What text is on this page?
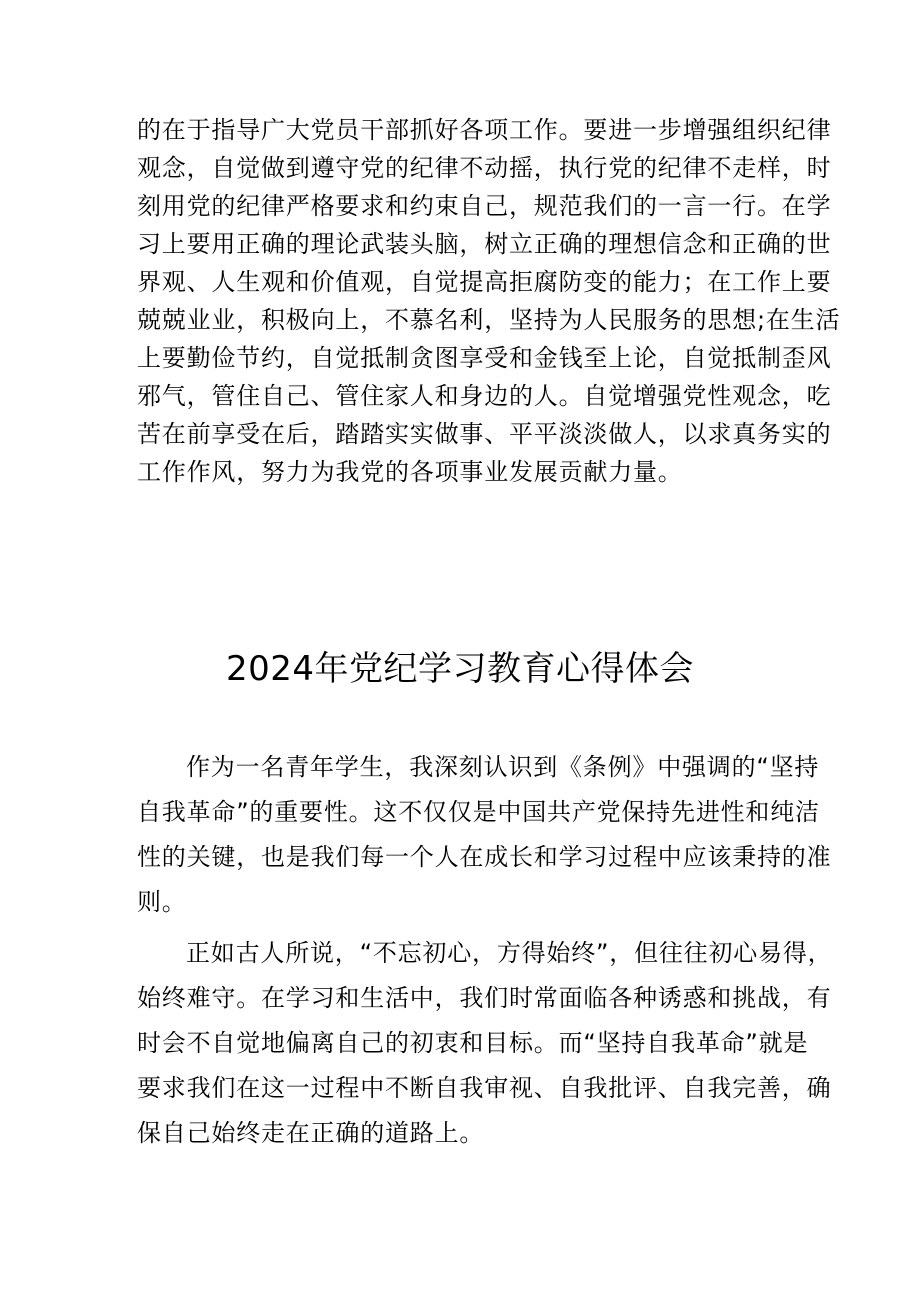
的在于指导广大党员干部抓好各项工作。要进一步增强组织纪律
观念，自觉做到遵守党的纪律不动摇，执行党的纪律不走样，时
刻用党的纪律严格要求和约束自己，规范我们的一言一行。在学
习上要用正确的理论武装头脑，树立正确的理想信念和正确的世
界观、人生观和价值观，自觉提高拒腐防变的能力；在工作上要
兢兢业业，积极向上，不慕名利，坚持为人民服务的思想;在生活
上要勤俭节约，自觉抵制贪图享受和金钱至上论，自觉抵制歪风
邪气，管住自己、管住家人和身边的人。自觉增强党性观念，吃
苦在前享受在后，踏踏实实做事、平平淡淡做人，以求真务实的
工作作风，努力为我党的各项事业发展贡献力量。
2024年党纪学习教育心得体会
作为一名青年学生，我深刻认识到《条例》中强调的“坚持
自我革命”的重要性。这不仅仅是中国共产党保持先进性和纯洁
性的关键，也是我们每一个人在成长和学习过程中应该秉持的准
则。
正如古人所说，“不忘初心，方得始终”，但往往初心易得，
始终难守。在学习和生活中，我们时常面临各种诱惑和挑战，有
时会不自觉地偏离自己的初衷和目标。而“坚持自我革命”就是
要求我们在这一过程中不断自我审视、自我批评、自我完善，确
保自己始终走在正确的道路上。
